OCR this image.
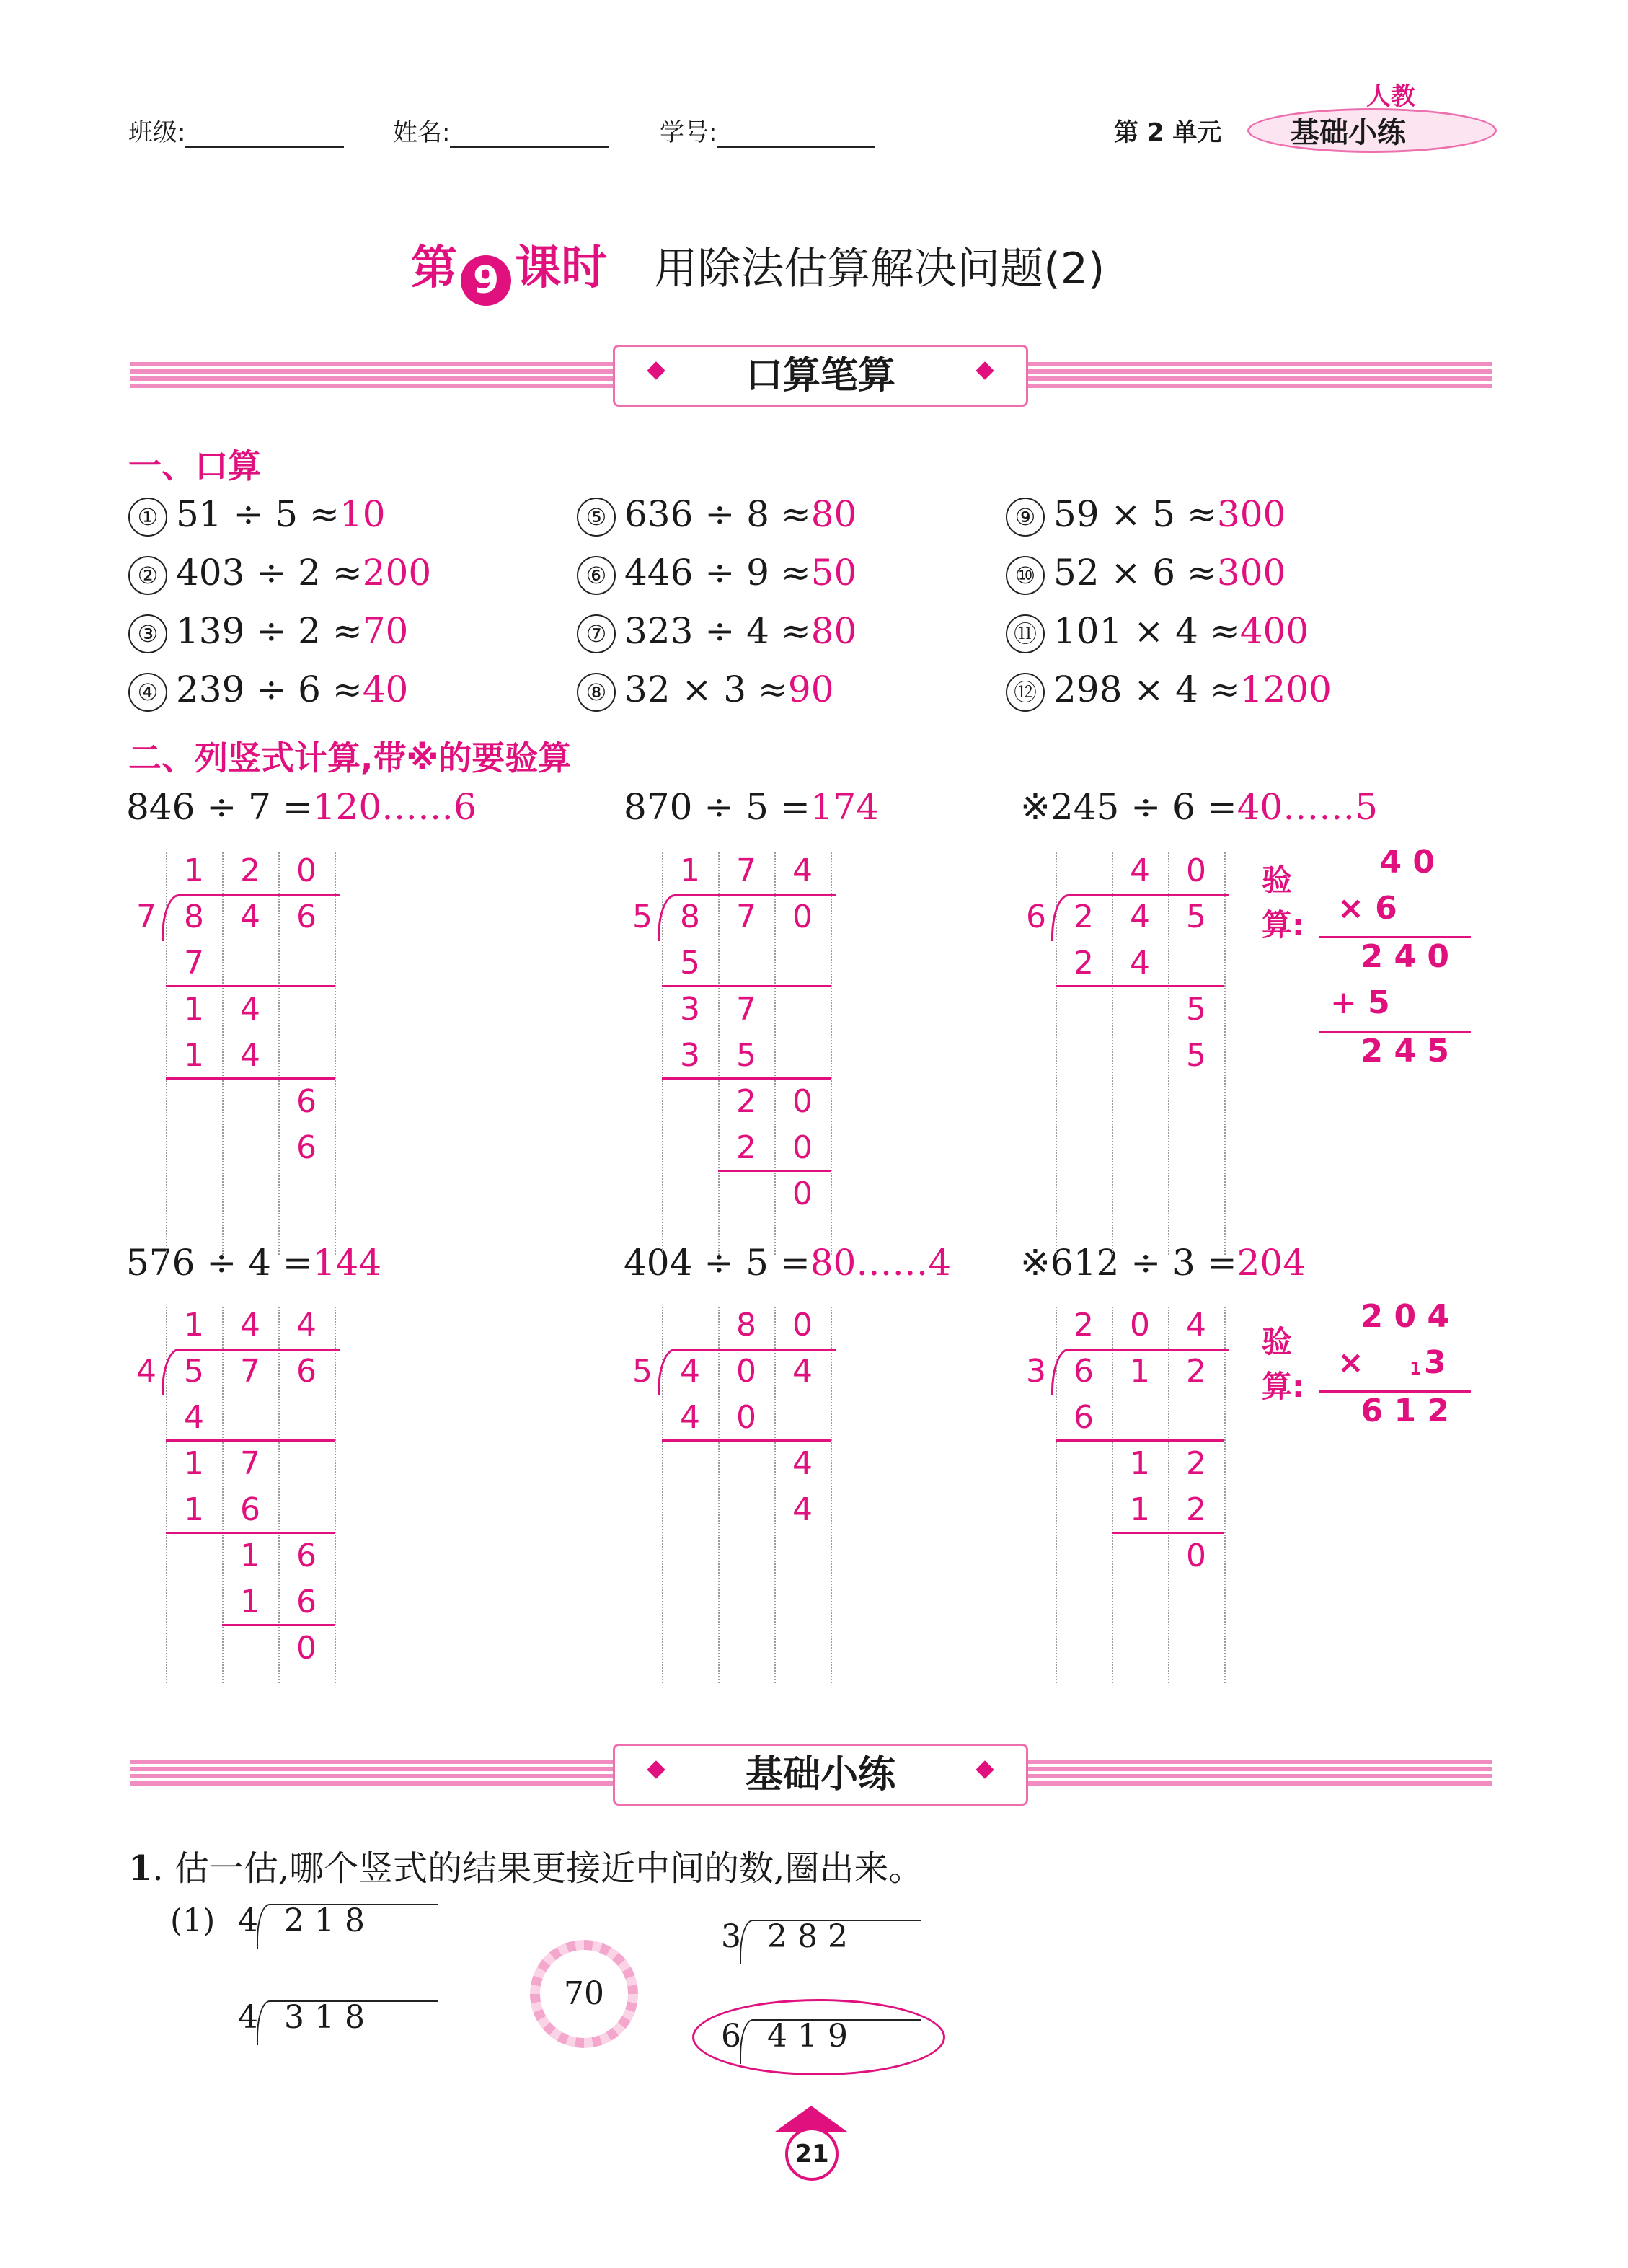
班级:	姓名:	学号:	第 2 单元
人教
基础小练
第 9 课时 用除法估算解决问题(2)
口算笔算
一、口算
① 51 ÷ 5 ≈10
② 403 ÷ 2 ≈200
③ 139 ÷ 2 ≈70
④ 239 ÷ 6 ≈40
⑤ 636 ÷ 8 ≈80
⑥ 446 ÷ 9 ≈50
⑦ 323 ÷ 4 ≈80
⑧ 32 × 3 ≈90
⑨ 59 × 5 ≈300
⑩ 52 × 6 ≈300
⑪ 101 × 4 ≈400
⑫ 298 × 4 ≈1200
二、列竖式计算,带※的要验算
846 ÷ 7 =120……6	870 ÷ 5 =174	※245 ÷ 6 =40……5
576 ÷ 4 =144	404 ÷ 5 =80……4 ※612 ÷ 3 =204
1 2 0
7 8 4 6
7
1 4
1 4
6
6
1 7 4
5 8 7 0
5
3 7
3 5
2 0
2 0
0
4 0
6 2 4 5
2 4
5
5
1 4 4
4 5 7 6
4
1 7
1 6
1 6
1 6
0
8 0
5 4 0 4
4 0
4
4
2 0 4
3 6 1 2
6
1 2
1 2
0
验算:
4 0
× 6
2 4 0
+ 5
2 4 5
验算:
2 0 4
×	1 3
6 1 2
基础小练
1. 估一估,哪个竖式的结果更接近中间的数,圈出来。
(1) 4 2 1 8
4 3 1 8
70
3 2 8 2
6 4 1 9
21
